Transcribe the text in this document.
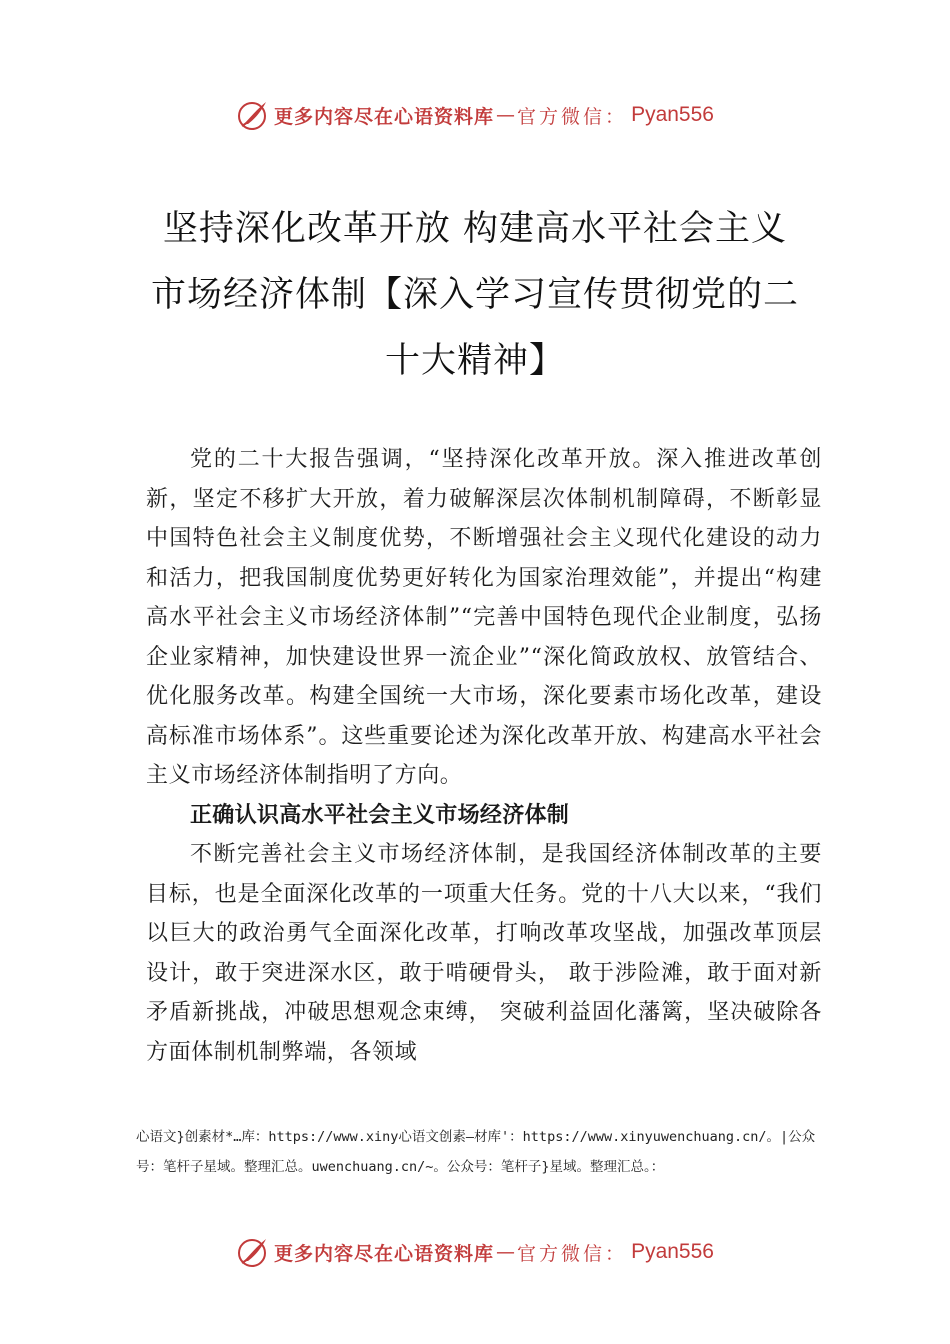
更多内容尽在心语资料库 — 官方微信： Pyan556
坚持深化改革开放 构建高水平社会主义
市场经济体制【深入学习宣传贯彻党的二
十大精神】

党的二十大报告强调，“坚持深化改革开放。深入推进改革创新，坚定不移扩大开放，着力破解深层次体制机制障碍，不断彰显中国特色社会主义制度优势，不断增强社会主义现代化建设的动力和活力，把我国制度优势更好转化为国家治理效能”，并提出“构建高水平社会主义市场经济体制”“完善中国特色现代企业制度，弘扬企业家精神，加快建设世界一流企业”“深化简政放权、放管结合、优化服务改革。构建全国统一大市场，深化要素市场化改革，建设高标准市场体系”。这些重要论述为深化改革开放、构建高水平社会主义市场经济体制指明了方向。

正确认识高水平社会主义市场经济体制

不断完善社会主义市场经济体制，是我国经济体制改革的主要目标，也是全面深化改革的一项重大任务。党的十八大以来，“我们以巨大的政治勇气全面深化改革，打响改革攻坚战，加强改革顶层设计，敢于突进深水区，敢于啃硬骨头， 敢于涉险滩，敢于面对新矛盾新挑战，冲破思想观念束缚， 突破利益固化藩篱，坚决破除各方面体制机制弊端，各领域

心语文}创素材*…库：https://www.xiny心语文创素—材库'：https://www.xinyuwenchuang.cn/。|公众号：笔杆子星域。整理汇总。uwenchuang.cn/~。公众号：笔杆子}星域。整理汇总。：
更多内容尽在心语资料库 — 官方微信： Pyan556
